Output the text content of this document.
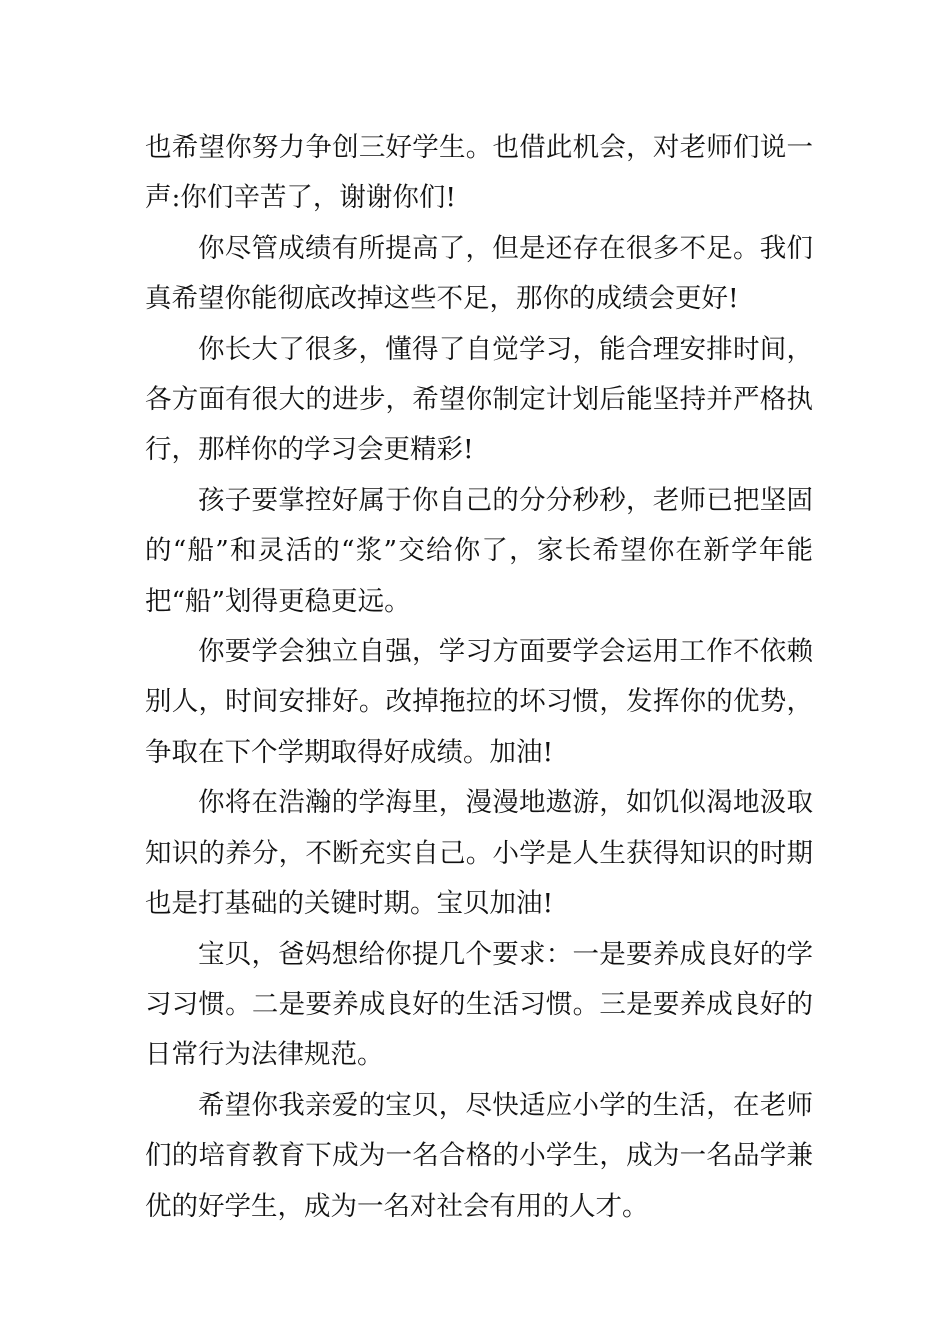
也希望你努力争创三好学生。也借此机会，对老师们说一声:你们辛苦了，谢谢你们!

你尽管成绩有所提高了，但是还存在很多不足。我们真希望你能彻底改掉这些不足，那你的成绩会更好!

你长大了很多，懂得了自觉学习，能合理安排时间，各方面有很大的进步，希望你制定计划后能坚持并严格执行，那样你的学习会更精彩!

孩子要掌控好属于你自己的分分秒秒，老师已把坚固的“船”和灵活的“浆”交给你了，家长希望你在新学年能把“船”划得更稳更远。

你要学会独立自强，学习方面要学会运用工作不依赖别人，时间安排好。改掉拖拉的坏习惯，发挥你的优势，争取在下个学期取得好成绩。加油!

你将在浩瀚的学海里，漫漫地遨游，如饥似渴地汲取知识的养分，不断充实自己。小学是人生获得知识的时期也是打基础的关键时期。宝贝加油!

宝贝，爸妈想给你提几个要求：一是要养成良好的学习习惯。二是要养成良好的生活习惯。三是要养成良好的日常行为法律规范。

希望你我亲爱的宝贝，尽快适应小学的生活，在老师们的培育教育下成为一名合格的小学生，成为一名品学兼优的好学生，成为一名对社会有用的人才。
